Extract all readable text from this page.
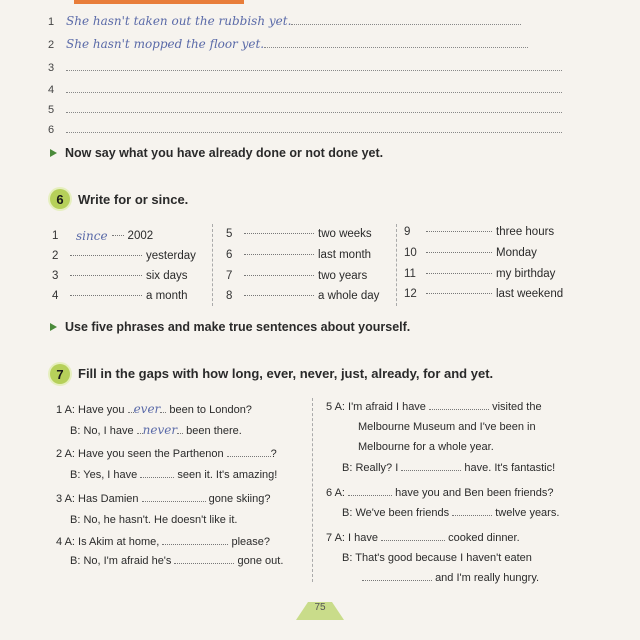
1 She hasn't taken out the rubbish yet.
2 She hasn't mopped the floor yet.
3
4
5
6
Now say what you have already done or not done yet.
6	Write for or since.
1	since 2002
2	yesterday
3	six days
4	a month
5	two weeks
6	last month
7	two years
8	a whole day
9	three hours
10	Monday
11	my birthday
12	last weekend
Use five phrases and make true sentences about yourself.
7	Fill in the gaps with how long, ever, never, just, already, for and yet.
1 A: Have you ever been to London?
B: No, I have never been there.
2 A: Have you seen the Parthenon	?
B: Yes, I have	seen it. It's amazing!
3 A: Has Damien	gone skiing?
B: No, he hasn't. He doesn't like it.
4 A: Is Akim at home,	please?
B: No, I'm afraid he's	gone out.
5 A: I'm afraid I have	visited the
Melbourne Museum and I've been in
Melbourne for a whole year.
B: Really? I	have. It's fantastic!
6 A:	have you and Ben been friends?
B: We've been friends	twelve years.
7 A: I have	cooked dinner.
B: That's good because I haven't eaten
and I'm really hungry.
75
